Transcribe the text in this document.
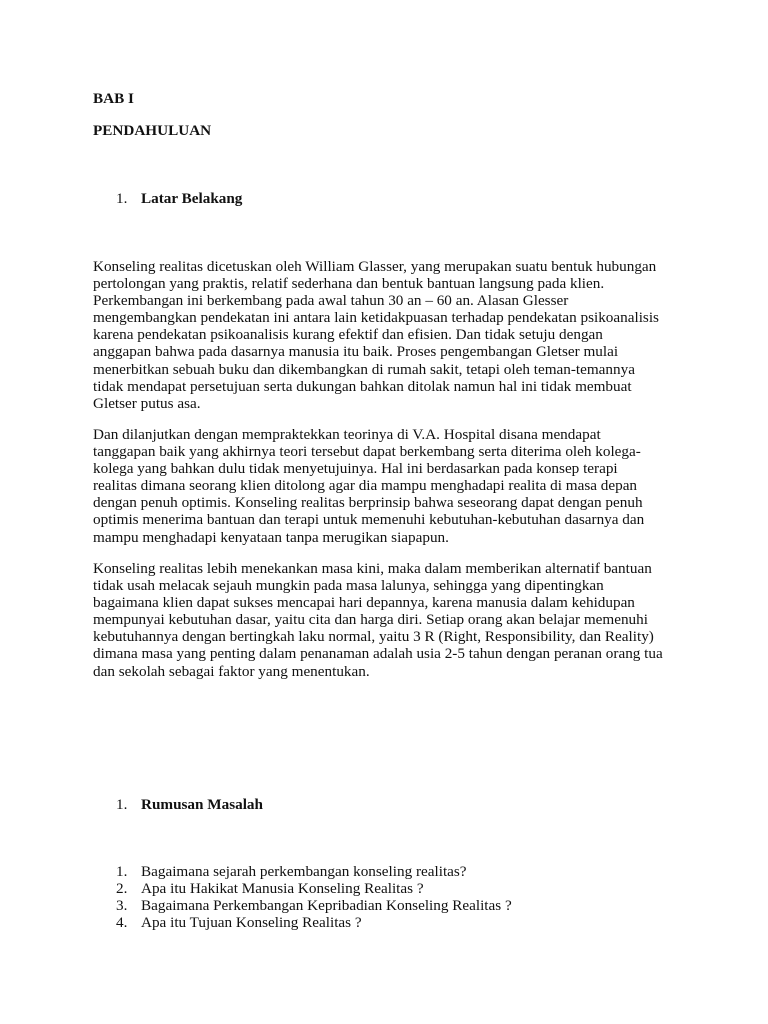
BAB I
PENDAHULUAN
1. Latar Belakang
Konseling realitas dicetuskan oleh William Glasser, yang merupakan suatu bentuk hubungan
pertolongan yang praktis, relatif sederhana dan bentuk bantuan langsung pada klien.
Perkembangan ini berkembang pada awal tahun 30 an – 60 an. Alasan Glesser
mengembangkan pendekatan ini antara lain ketidakpuasan terhadap pendekatan psikoanalisis
karena pendekatan psikoanalisis kurang efektif dan efisien. Dan tidak setuju dengan
anggapan bahwa pada dasarnya manusia itu baik. Proses pengembangan Gletser mulai
menerbitkan sebuah buku dan dikembangkan di rumah sakit, tetapi oleh teman-temannya
tidak mendapat persetujuan serta dukungan bahkan ditolak namun hal ini tidak membuat
Gletser putus asa.
Dan dilanjutkan dengan mempraktekkan teorinya di V.A. Hospital disana mendapat
tanggapan baik yang akhirnya teori tersebut dapat berkembang serta diterima oleh kolega-
kolega yang bahkan dulu tidak menyetujuinya. Hal ini berdasarkan pada konsep terapi
realitas dimana seorang klien ditolong agar dia mampu menghadapi realita di masa depan
dengan penuh optimis. Konseling realitas berprinsip bahwa seseorang dapat dengan penuh
optimis menerima bantuan dan terapi untuk memenuhi kebutuhan-kebutuhan dasarnya dan
mampu menghadapi kenyataan tanpa merugikan siapapun.
Konseling realitas lebih menekankan masa kini, maka dalam memberikan alternatif bantuan
tidak usah melacak sejauh mungkin pada masa lalunya, sehingga yang dipentingkan
bagaimana klien dapat sukses mencapai hari depannya, karena manusia dalam kehidupan
mempunyai kebutuhan dasar, yaitu cita dan harga diri. Setiap orang akan belajar memenuhi
kebutuhannya dengan bertingkah laku normal, yaitu 3 R (Right, Responsibility, dan Reality)
dimana masa yang penting dalam penanaman adalah usia 2-5 tahun dengan peranan orang tua
dan sekolah sebagai faktor yang menentukan.
1. Rumusan Masalah
1. Bagaimana sejarah perkembangan konseling realitas?
2. Apa itu Hakikat Manusia Konseling Realitas ?
3. Bagaimana Perkembangan Kepribadian Konseling Realitas ?
4. Apa itu Tujuan Konseling Realitas ?
